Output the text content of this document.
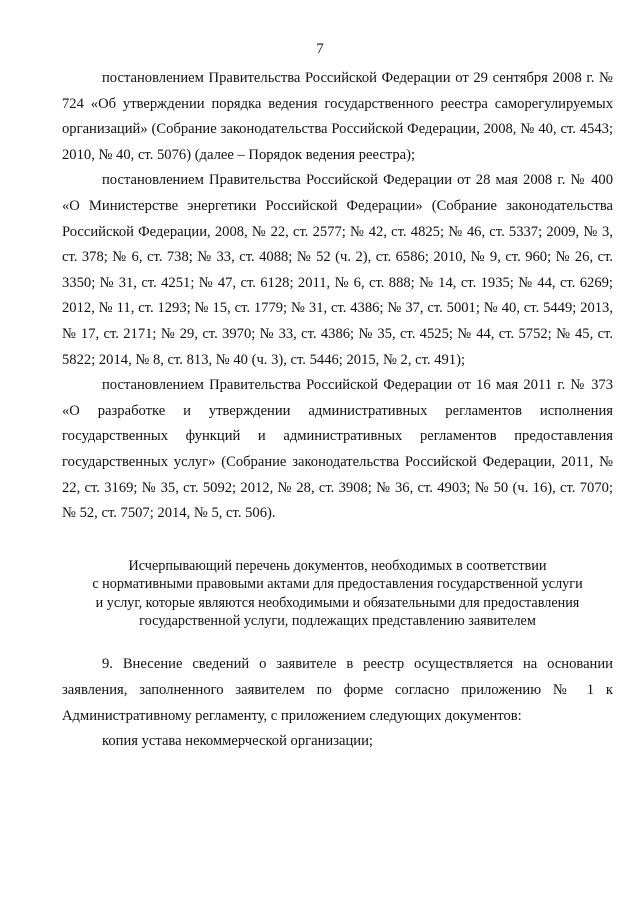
7

постановлением Правительства Российской Федерации от 29 сентября 2008 г. № 724 «Об утверждении порядка ведения государственного реестра саморегулируемых организаций» (Собрание законодательства Российской Федерации, 2008, № 40, ст. 4543; 2010, № 40, ст. 5076) (далее – Порядок ведения реестра);

постановлением Правительства Российской Федерации от 28 мая 2008 г. № 400 «О Министерстве энергетики Российской Федерации» (Собрание законодательства Российской Федерации, 2008, № 22, ст. 2577; № 42, ст. 4825; № 46, ст. 5337; 2009, № 3, ст. 378; № 6, ст. 738; № 33, ст. 4088; № 52 (ч. 2), ст. 6586; 2010, № 9, ст. 960; № 26, ст. 3350; № 31, ст. 4251; № 47, ст. 6128; 2011, № 6, ст. 888; № 14, ст. 1935; № 44, ст. 6269; 2012, № 11, ст. 1293; № 15, ст. 1779; № 31, ст. 4386; № 37, ст. 5001; № 40, ст. 5449; 2013, № 17, ст. 2171; № 29, ст. 3970; № 33, ст. 4386; № 35, ст. 4525; № 44, ст. 5752; № 45, ст. 5822; 2014, № 8, ст. 813, № 40 (ч. 3), ст. 5446; 2015, № 2, ст. 491);

постановлением Правительства Российской Федерации от 16 мая 2011 г. № 373 «О разработке и утверждении административных регламентов исполнения государственных функций и административных регламентов предоставления государственных услуг» (Собрание законодательства Российской Федерации, 2011, № 22, ст. 3169; № 35, ст. 5092; 2012, № 28, ст. 3908; № 36, ст. 4903; № 50 (ч. 16), ст. 7070; № 52, ст. 7507; 2014, № 5, ст. 506).

Исчерпывающий перечень документов, необходимых в соответствии
с нормативными правовыми актами для предоставления государственной услуги
и услуг, которые являются необходимыми и обязательными для предоставления
государственной услуги, подлежащих представлению заявителем

9. Внесение сведений о заявителе в реестр осуществляется на основании заявления, заполненного заявителем по форме согласно приложению № 1 к Административному регламенту, с приложением следующих документов:

копия устава некоммерческой организации;
